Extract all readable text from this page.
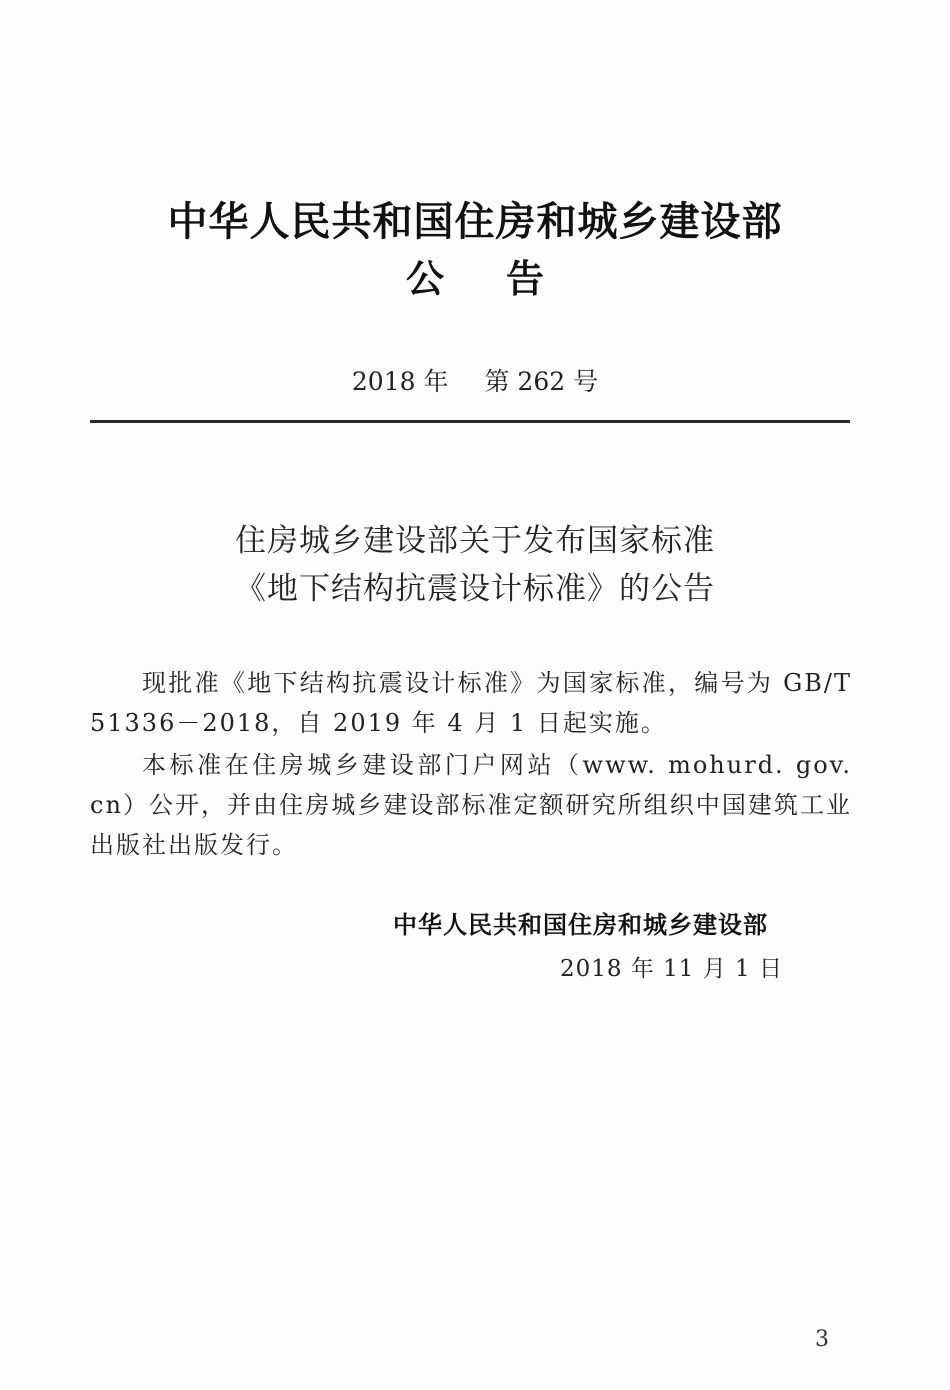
中华人民共和国住房和城乡建设部
公告
2018 年 第 262 号
住房城乡建设部关于发布国家标准
《地下结构抗震设计标准》的公告

现批准《地下结构抗震设计标准》为国家标准，编号为 GB/T 51336－2018，自 2019 年 4 月 1 日起实施。

本标准在住房城乡建设部门户网站（www. mohurd. gov. cn）公开，并由住房城乡建设部标准定额研究所组织中国建筑工业出版社出版发行。

中华人民共和国住房和城乡建设部
2018 年 11 月 1 日
3
